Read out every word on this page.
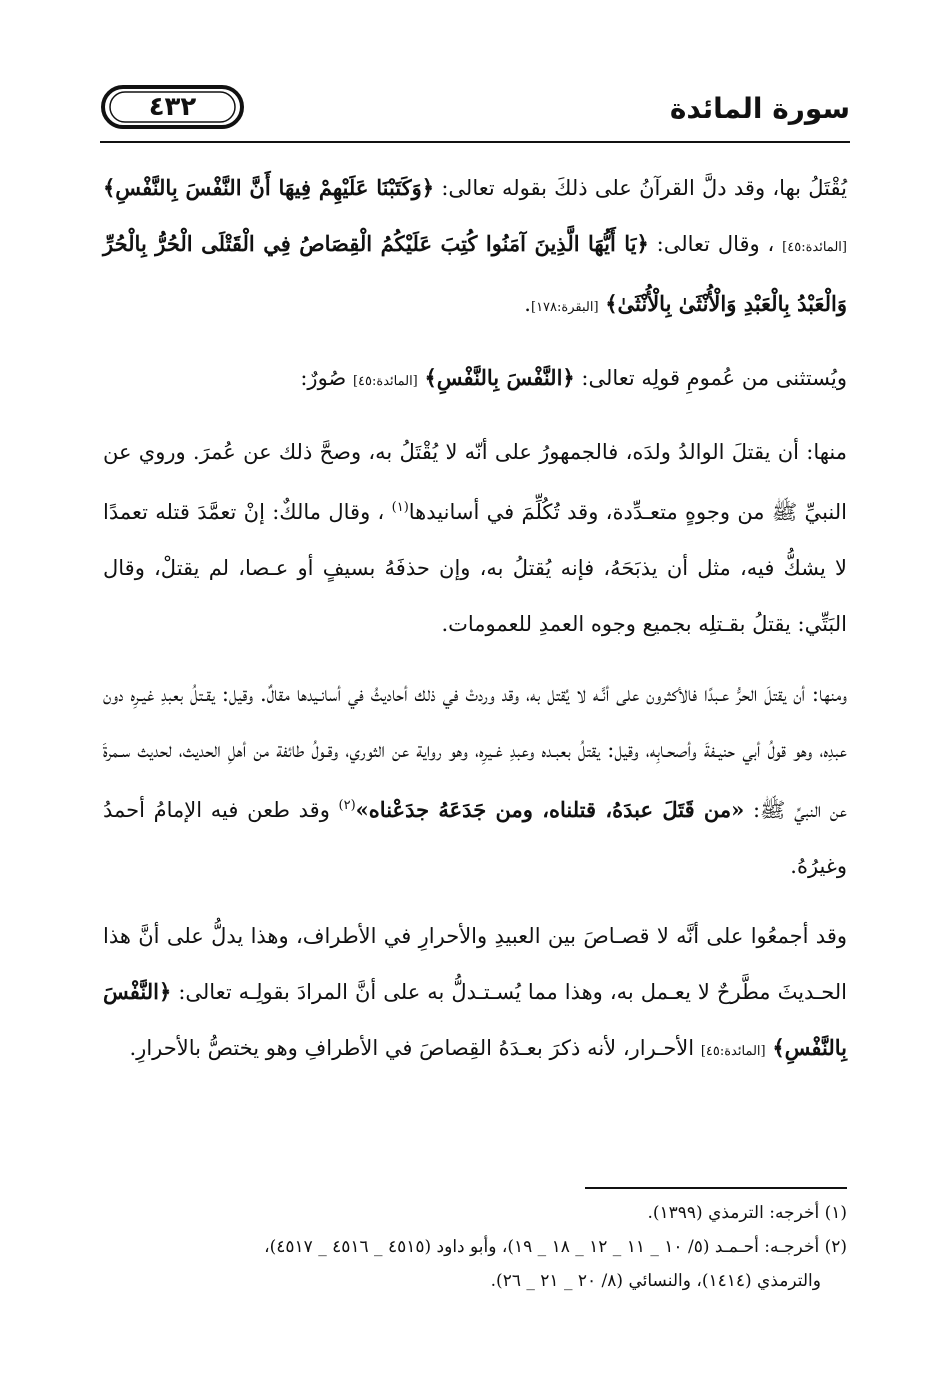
٤٣٢	سورة المائدة

يُقْتَلُ بها، وقد دلَّ القرآنُ على ذلكَ بقوله تعالى: ﴿وَكَتَبْنَا عَلَيْهِمْ فِيهَا أَنَّ النَّفْسَ بِالنَّفْسِ﴾ [المائدة:٤٥] ، وقال تعالى: ﴿يَا أَيُّهَا الَّذِينَ آمَنُوا كُتِبَ عَلَيْكُمُ الْقِصَاصُ فِي الْقَتْلَى الْحُرُّ بِالْحُرِّ وَالْعَبْدُ بِالْعَبْدِ وَالْأُنْثَىٰ بِالْأُنْثَىٰ﴾ [البقرة:١٧٨].

ويُستثنى من عُمومِ قولِه تعالى: ﴿النَّفْسَ بِالنَّفْسِ﴾ [المائدة:٤٥] صُورٌ:

منها: أن يقتلَ الوالدُ ولدَه، فالجمهورُ على أنّه لا يُقْتَلُ به، وصحَّ ذلك عن عُمرَ. وروي عن النبيِّ ﷺ من وجوهٍ متعـدِّدة، وقد تُكُلِّمَ في أسانيدها$^{(١)}$ ، وقال مالكٌ: إنْ تعمَّدَ قتله تعمدًا لا يشكُّ فيه، مثل أن يذبَحَهُ، فإنه يُقتلُ به، وإن حذفَهُ بسيفٍ أو عـصا، لم يقتلْ، وقال البَتِّي: يقتلُ بقـتلِه بجميع وجوه العمدِ للعمومات.

ومنها: أن يقتلَ الحرُّ عـبدًا فالأكثرون على أنَّـه لا يُقتل به، وقد وردتْ في ذلك أحاديثُ في أسانـيدها مقالٌ. وقيل: يقـتلُ بعبدِ غيـرِه دون عبدِه، وهو قولُ أبي حنيـفةَ وأصحـابِه، وقيل: يقتلُ بعبـده وعبدِ غـيرِه، وهو رواية عن الثوري، وقـولُ طائفة من أهلِ الحديث، لحديث سـمرةَ عن النبيِّ ﷺ: «من قَتَلَ عبدَهُ، قتلناه، ومن جَدَعَهُ جدَعْناه»$^{(٢)}$ وقد طعن فيه الإمامُ أحمدُ وغيرُهُ.

وقد أجمعُوا على أنَّه لا قصـاصَ بين العبيدِ والأحرارِ في الأطراف، وهذا يدلُّ على أنَّ هذا الحـديثَ مطَّرحٌ لا يعـمل به، وهذا مما يُسـتـدلُّ به على أنَّ المرادَ بقولِـه تعالى: ﴿النَّفْسَ بِالنَّفْسِ﴾ [المائدة:٤٥] الأحـرار، لأنه ذكرَ بعـدَهُ القِصاصَ في الأطرافِ وهو يختصُّ بالأحرارِ.

(١) أخرجه: الترمذي (١٣٩٩).

(٢) أخرجـه: أحـمـد (٥/ ١٠ _ ١١ _ ١٢ _ ١٨ _ ١٩)، وأبو داود (٤٥١٥ _ ٤٥١٦ _ ٤٥١٧)،

والترمذي (١٤١٤)، والنسائي (٨/ ٢٠ _ ٢١ _ ٢٦).
